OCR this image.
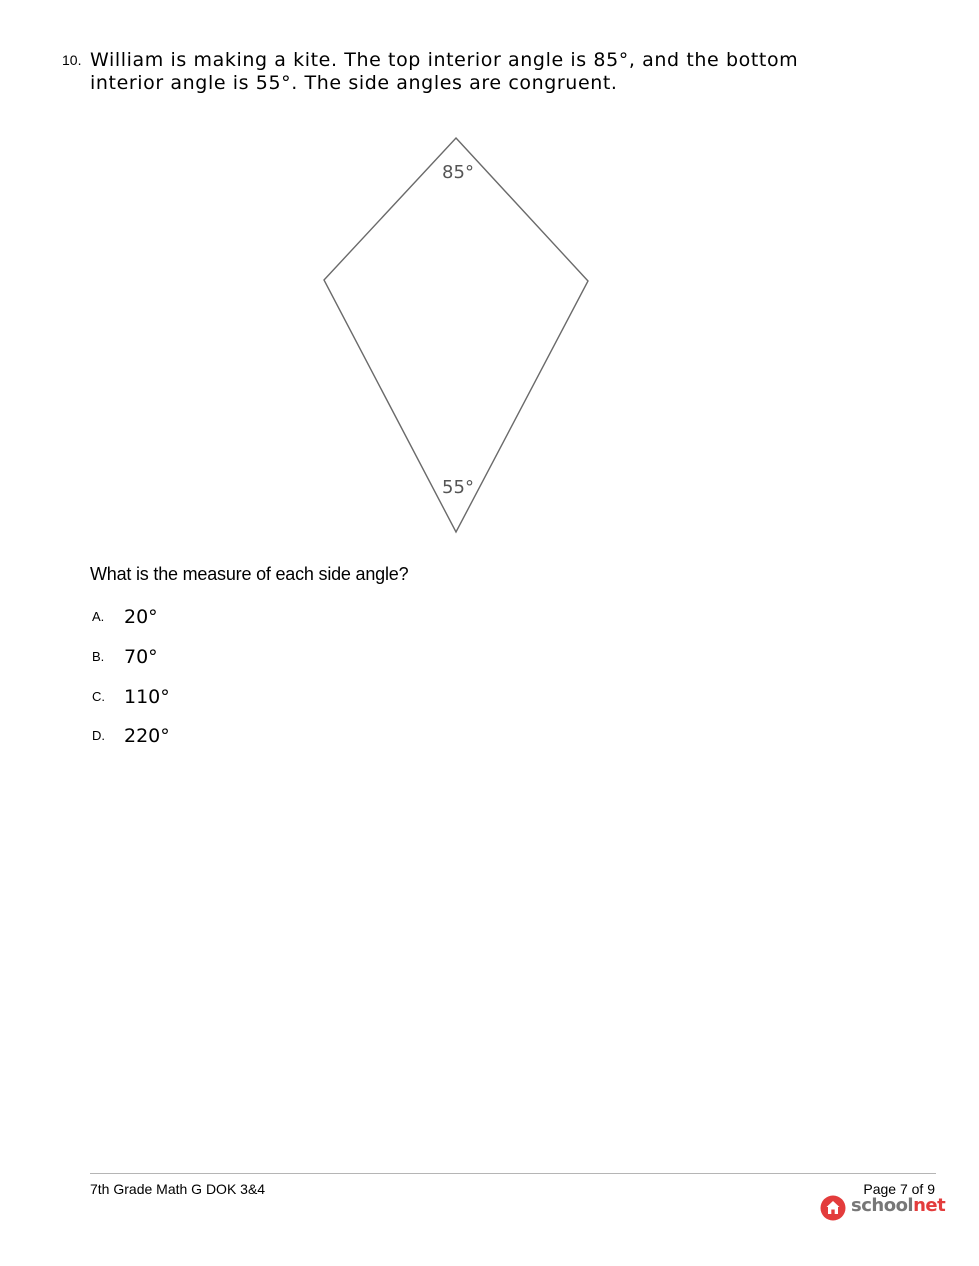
10. William is making a kite. The top interior angle is 85°, and the bottom interior angle is 55°. The side angles are congruent.
85°
55°
What is the measure of each side angle?
A. 20°
B. 70°
C. 110°
D. 220°
7th Grade Math G DOK 3&4	Page 7 of 9
schoolnet
